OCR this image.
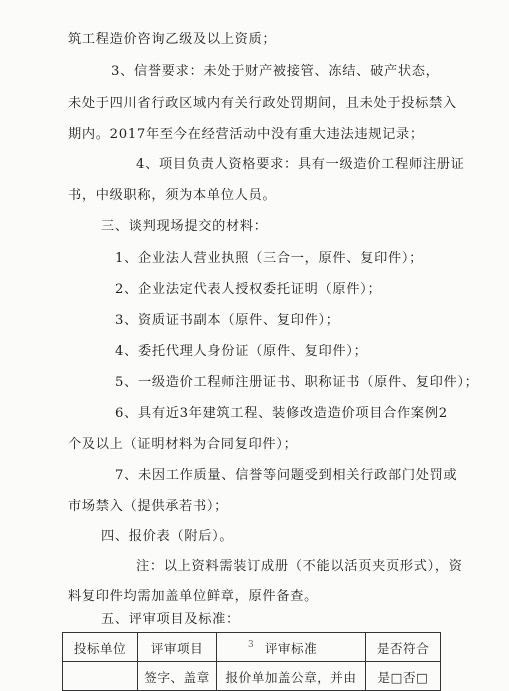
筑工程造价咨询乙级及以上资质；
3、信誉要求：未处于财产被接管、冻结、破产状态，
未处于四川省行政区域内有关行政处罚期间，且未处于投标禁入
期内。2017年至今在经营活动中没有重大违法违规记录；
4、项目负责人资格要求：具有一级造价工程师注册证
书，中级职称，须为本单位人员。
三、谈判现场提交的材料：
1、企业法人营业执照（三合一，原件、复印件）；
2、企业法定代表人授权委托证明（原件）；
3、资质证书副本（原件、复印件）；
4、委托代理人身份证（原件、复印件）；
5、一级造价工程师注册证书、职称证书（原件、复印件）；
6、具有近3年建筑工程、装修改造造价项目合作案例2
个及以上（证明材料为合同复印件）；
7、未因工作质量、信誉等问题受到相关行政部门处罚或
市场禁入（提供承若书）；
四、报价表（附后）。
注：以上资料需装订成册（不能以活页夹页形式），资
料复印件均需加盖单位鲜章，原件备查。
五、评审项目及标准：
投标单位	评审项目	评审标准	是否符合
	签字、盖章	报价单加盖公章，并由	是□否□
3
